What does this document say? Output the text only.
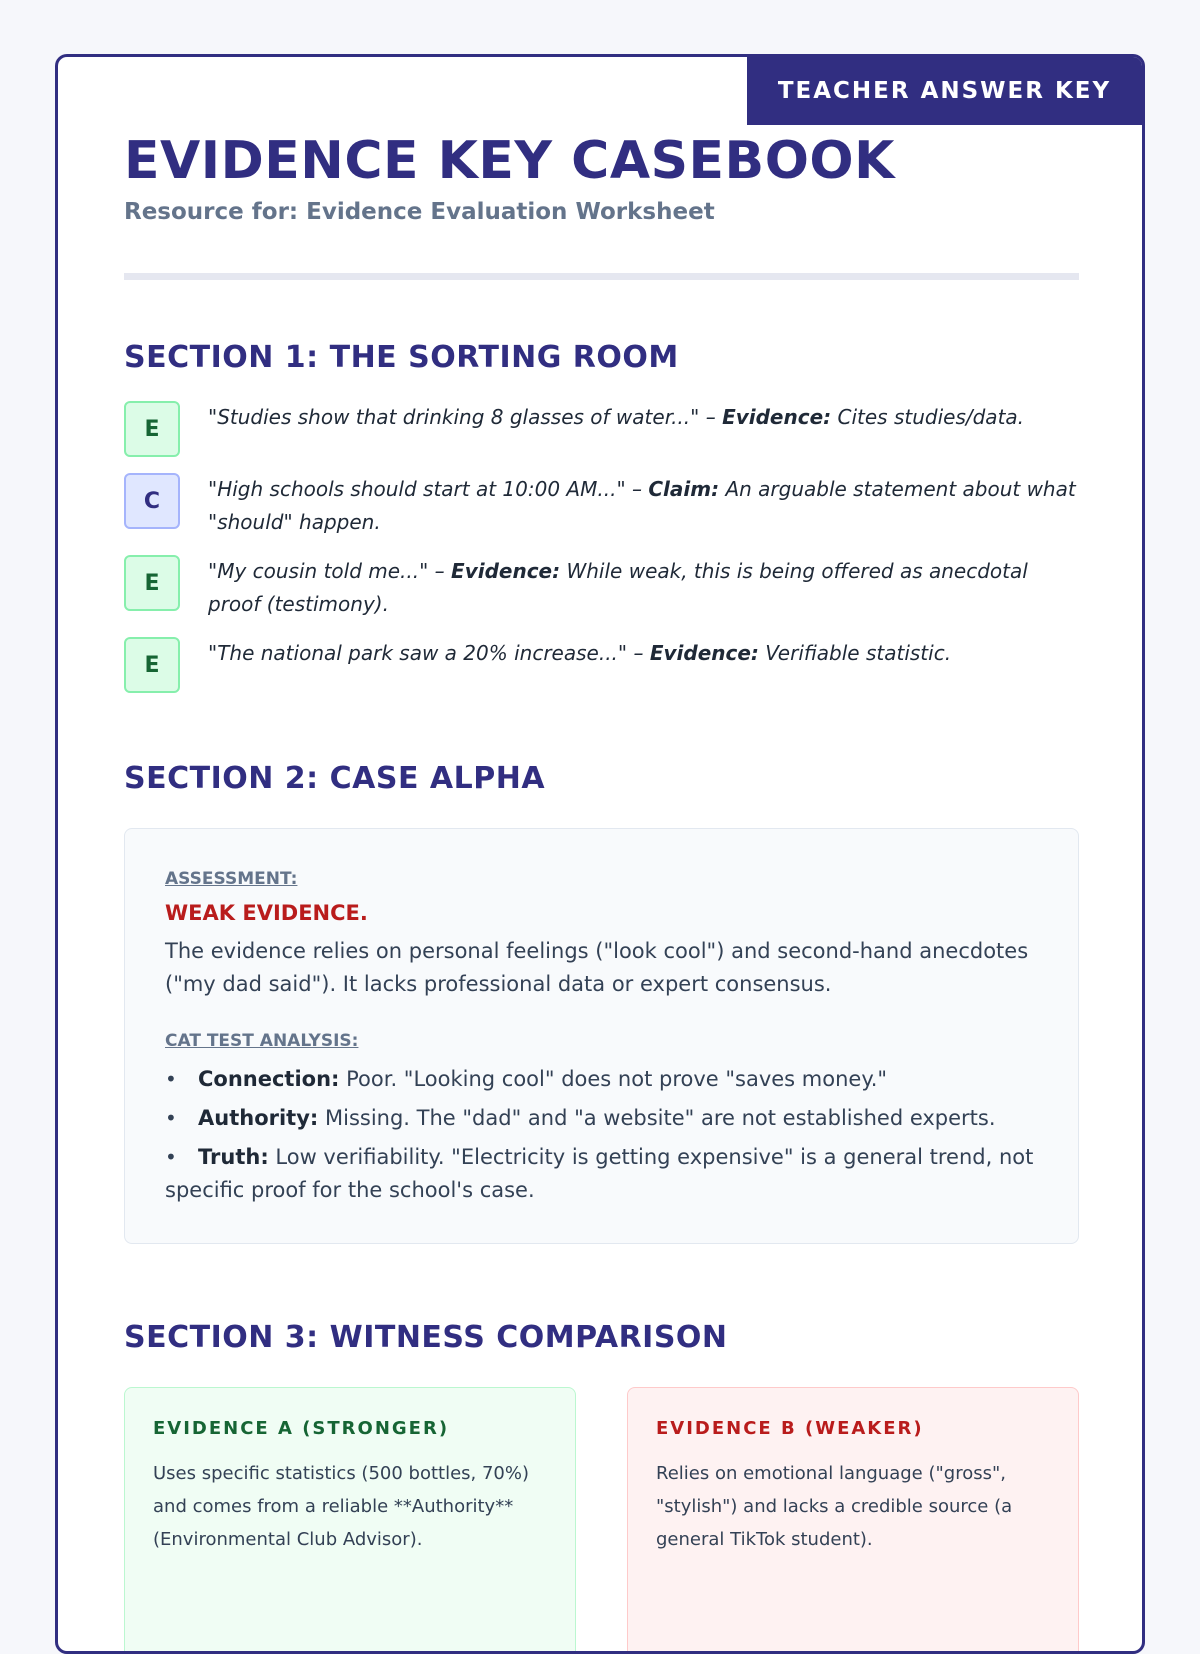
TEACHER ANSWER KEY
EVIDENCE KEY CASEBOOK
Resource for: Evidence Evaluation Worksheet
SECTION 1: THE SORTING ROOM
E	"Studies show that drinking 8 glasses of water..." – Evidence: Cites studies/data.
C	"High schools should start at 10:00 AM..." – Claim: An arguable statement about what "should" happen.
E	"My cousin told me..." – Evidence: While weak, this is being offered as anecdotal proof (testimony).
E	"The national park saw a 20% increase..." – Evidence: Verifiable statistic.
SECTION 2: CASE ALPHA
ASSESSMENT:
WEAK EVIDENCE.
The evidence relies on personal feelings ("look cool") and second-hand anecdotes ("my dad said"). It lacks professional data or expert consensus.
CAT TEST ANALYSIS:
• Connection: Poor. "Looking cool" does not prove "saves money."
• Authority: Missing. The "dad" and "a website" are not established experts.
• Truth: Low verifiability. "Electricity is getting expensive" is a general trend, not specific proof for the school's case.
SECTION 3: WITNESS COMPARISON
EVIDENCE A (STRONGER)
Uses specific statistics (500 bottles, 70%) and comes from a reliable **Authority** (Environmental Club Advisor).
EVIDENCE B (WEAKER)
Relies on emotional language ("gross", "stylish") and lacks a credible source (a general TikTok student).
